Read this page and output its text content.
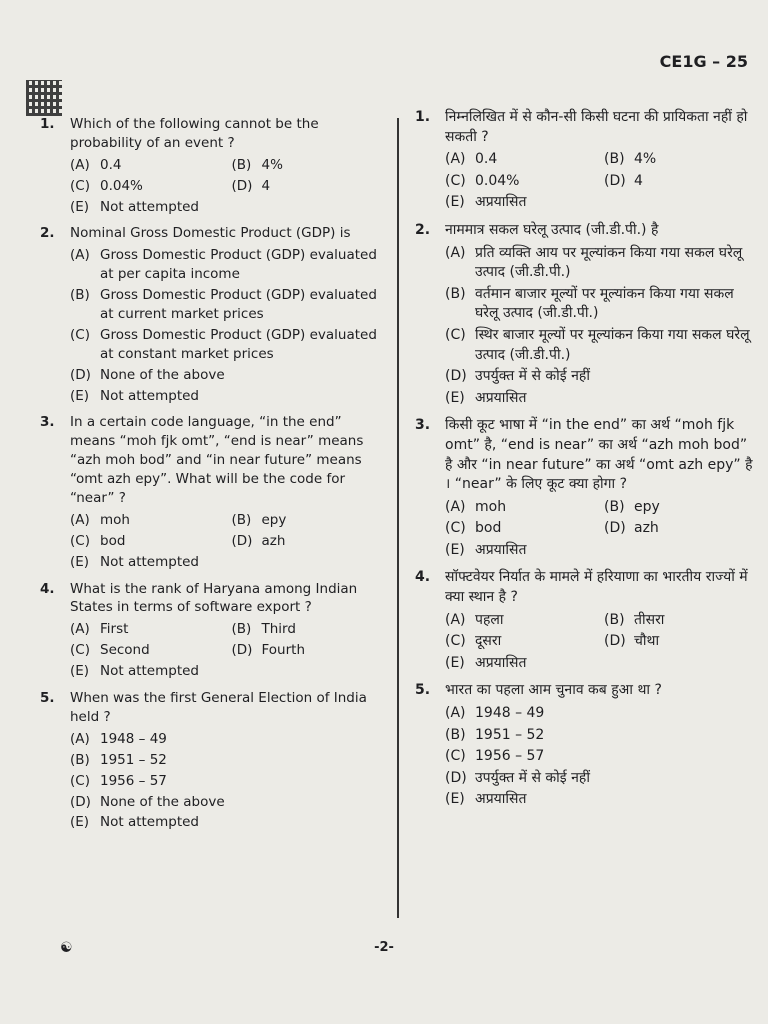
CE1G – 25
1.	Which of the following cannot be the probability of an event ?
(A) 0.4	(B) 4%
(C) 0.04%	(D) 4
(E) Not attempted
2.	Nominal Gross Domestic Product (GDP) is
(A) Gross Domestic Product (GDP) evaluated at per capita income
(B) Gross Domestic Product (GDP) evaluated at current market prices
(C) Gross Domestic Product (GDP) evaluated at constant market prices
(D) None of the above
(E) Not attempted
3.	In a certain code language, “in the end” means “moh fjk omt”, “end is near” means “azh moh bod” and “in near future” means “omt azh epy”. What will be the code for “near” ?
(A) moh	(B) epy
(C) bod	(D) azh
(E) Not attempted
4.	What is the rank of Haryana among Indian States in terms of software export ?
(A) First	(B) Third
(C) Second	(D) Fourth
(E) Not attempted
5.	When was the first General Election of India held ?
(A) 1948 – 49
(B) 1951 – 52
(C) 1956 – 57
(D) None of the above
(E) Not attempted
1.	निम्नलिखित में से कौन-सी किसी घटना की प्रायिकता नहीं हो सकती ?
(A) 0.4	(B) 4%
(C) 0.04%	(D) 4
(E) अप्रयासित
2.	नाममात्र सकल घरेलू उत्पाद (जी.डी.पी.) है
(A) प्रति व्यक्ति आय पर मूल्यांकन किया गया सकल घरेलू उत्पाद (जी.डी.पी.)
(B) वर्तमान बाजार मूल्यों पर मूल्यांकन किया गया सकल घरेलू उत्पाद (जी.डी.पी.)
(C) स्थिर बाजार मूल्यों पर मूल्यांकन किया गया सकल घरेलू उत्पाद (जी.डी.पी.)
(D) उपर्युक्त में से कोई नहीं
(E) अप्रयासित
3.	किसी कूट भाषा में “in the end” का अर्थ “moh fjk omt” है, “end is near” का अर्थ “azh moh bod” है और “in near future” का अर्थ “omt azh epy” है । “near” के लिए कूट क्या होगा ?
(A) moh	(B) epy
(C) bod	(D) azh
(E) अप्रयासित
4.	सॉफ्टवेयर निर्यात के मामले में हरियाणा का भारतीय राज्यों में क्या स्थान है ?
(A) पहला	(B) तीसरा
(C) दूसरा	(D) चौथा
(E) अप्रयासित
5.	भारत का पहला आम चुनाव कब हुआ था ?
(A) 1948 – 49
(B) 1951 – 52
(C) 1956 – 57
(D) उपर्युक्त में से कोई नहीं
(E) अप्रयासित
☯	-2-
